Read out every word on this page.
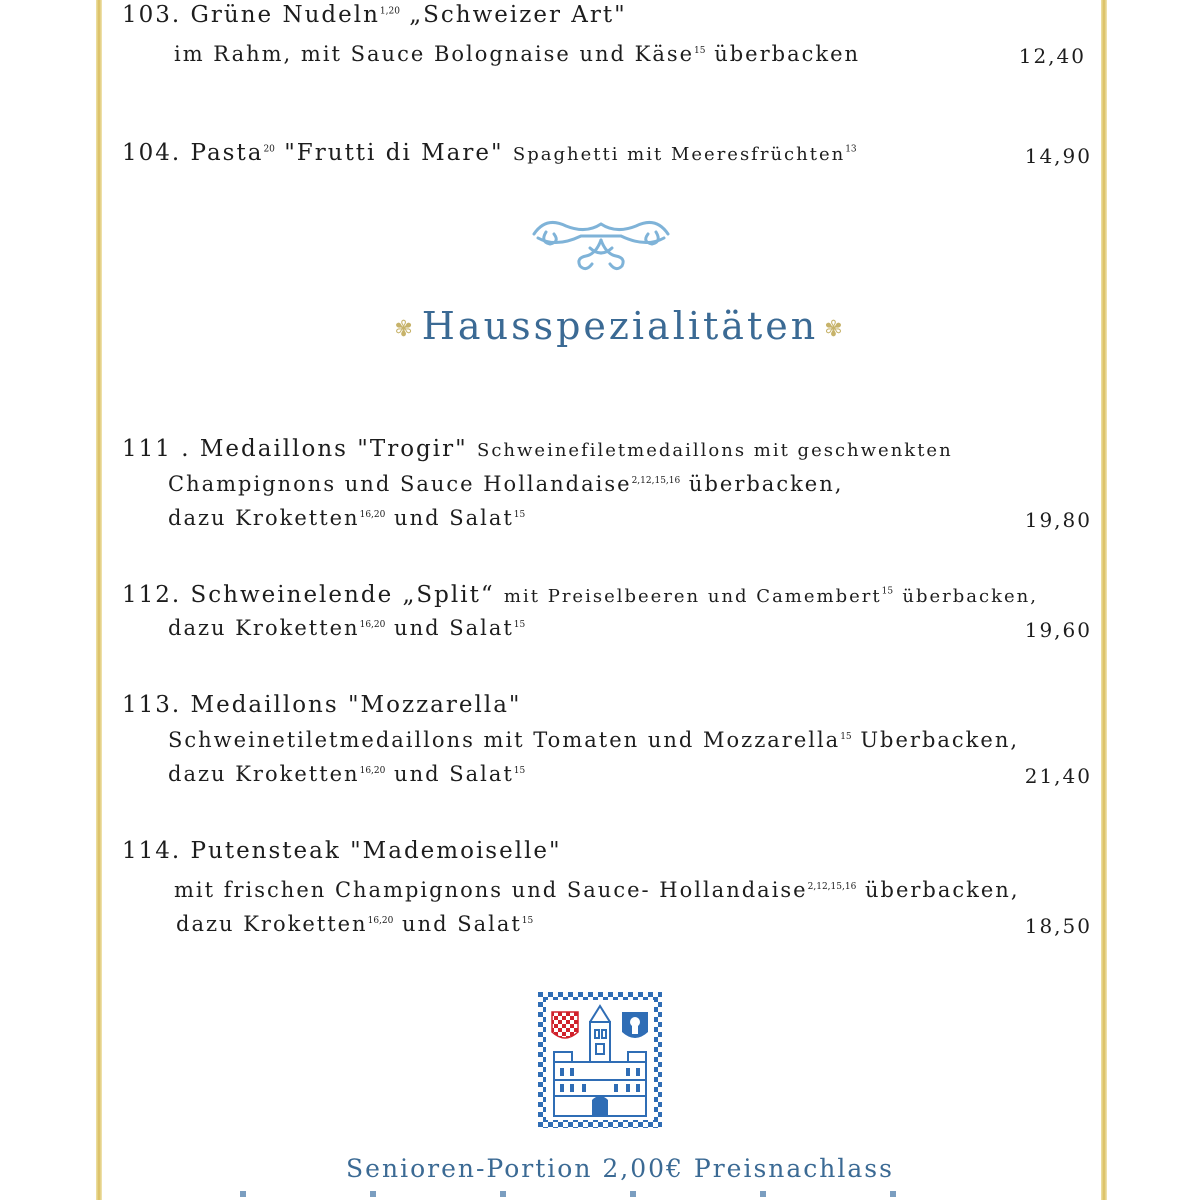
103. Grüne Nudeln$^{1,20}$ „Schweizer Art"
im Rahm, mit Sauce Bolognaise und Käse$^{15}$ überbacken	12,40
104. Pasta$^{20}$ "Frutti di Mare" Spaghetti mit Meeresfrüchten$^{13}$	14,90
✾ Hausspezialitäten ✾
111 . Medaillons "Trogir" Schweinefiletmedaillons mit geschwenkten
Champignons und Sauce Hollandaise$^{2,12,15,16}$ überbacken,
dazu Kroketten$^{16,20}$ und Salat$^{15}$	19,80
112. Schweinelende „Split“ mit Preiselbeeren und Camembert$^{15}$ überbacken,
dazu Kroketten$^{16,20}$ und Salat$^{15}$	19,60
113. Medaillons "Mozzarella"
Schweinetiletmedaillons mit Tomaten und Mozzarella$^{15}$ Uberbacken,
dazu Kroketten$^{16,20}$ und Salat$^{15}$	21,40
114. Putensteak "Mademoiselle"
mit frischen Champignons und Sauce- Hollandaise$^{2,12,15,16}$ überbacken,
dazu Kroketten$^{16,20}$ und Salat$^{15}$	18,50
Senioren-Portion 2,00€ Preisnachlass
